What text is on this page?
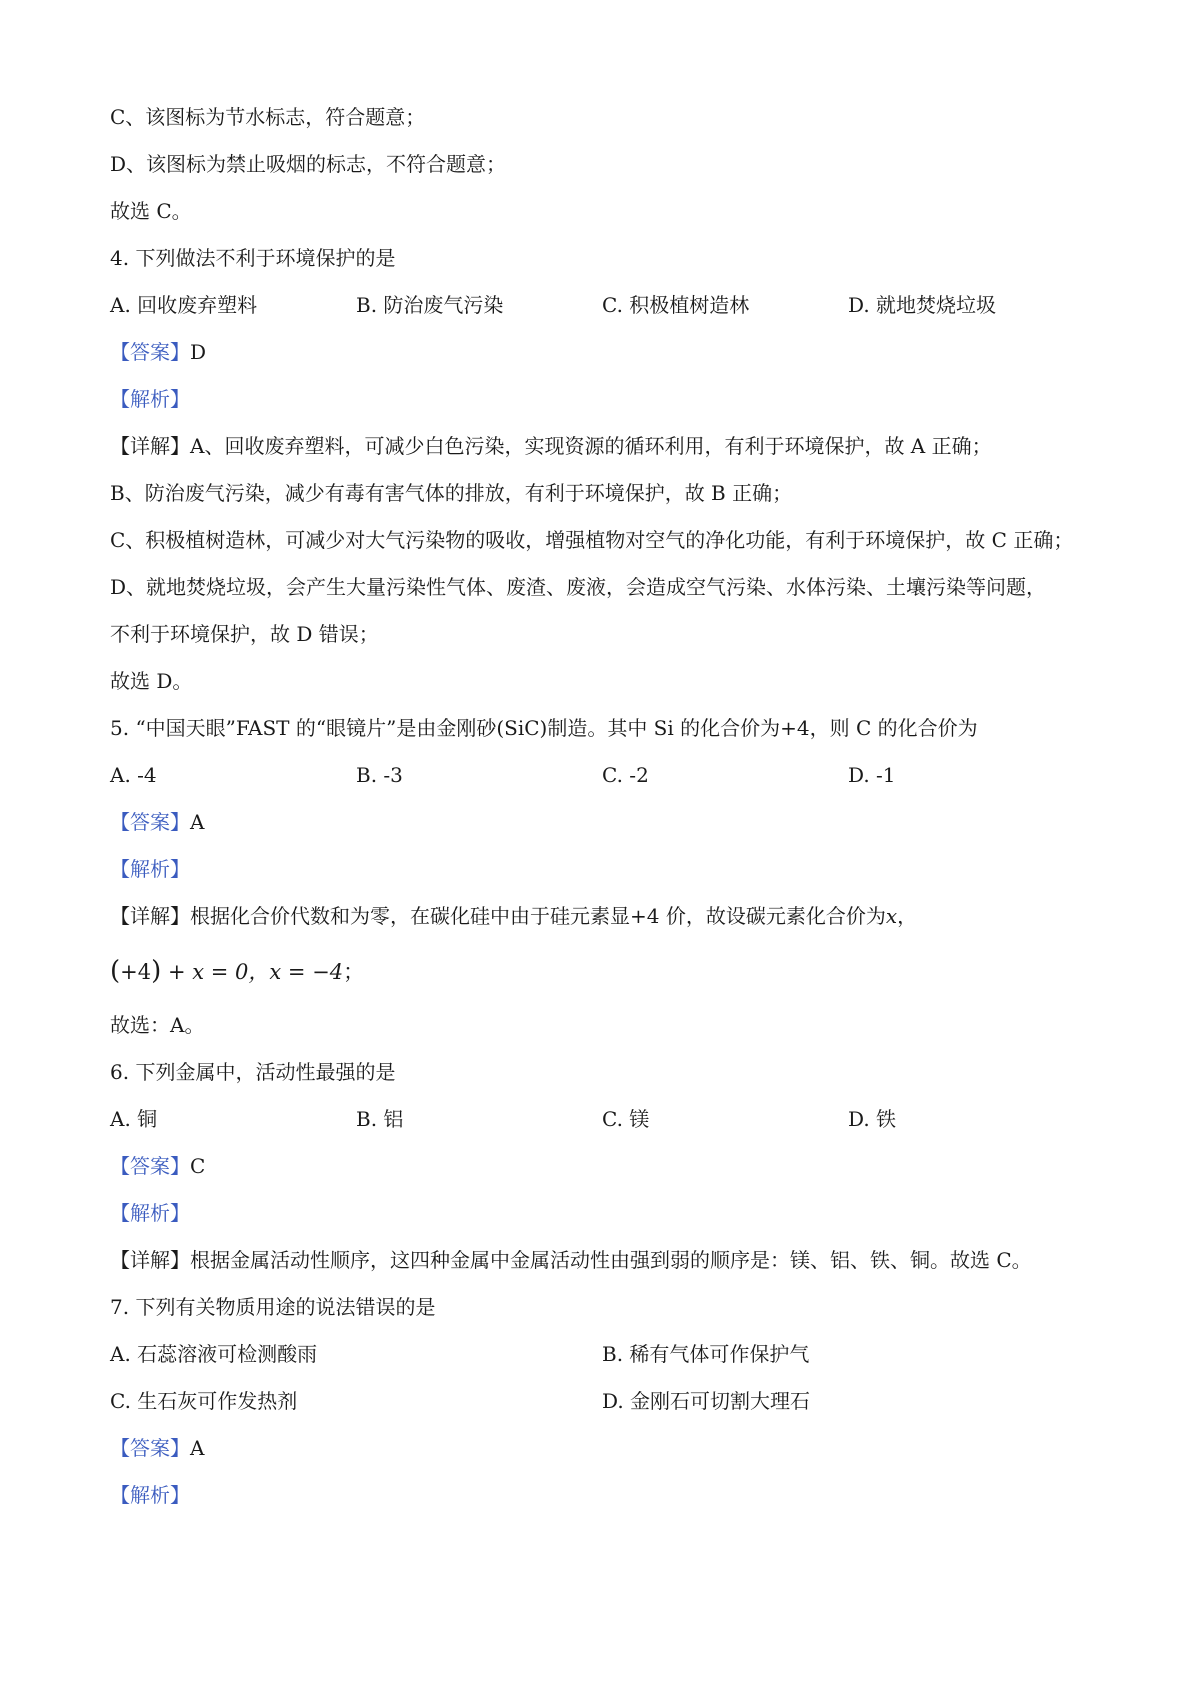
C、该图标为节水标志，符合题意；
D、该图标为禁止吸烟的标志，不符合题意；
故选 C。
4. 下列做法不利于环境保护的是
A. 回收废弃塑料	B. 防治废气污染	C. 积极植树造林	D. 就地焚烧垃圾
【答案】D
【解析】
【详解】A、回收废弃塑料，可减少白色污染，实现资源的循环利用，有利于环境保护，故 A 正确；
B、防治废气污染，减少有毒有害气体的排放，有利于环境保护，故 B 正确；
C、积极植树造林，可减少对大气污染物的吸收，增强植物对空气的净化功能，有利于环境保护，故 C 正确；
D、就地焚烧垃圾，会产生大量污染性气体、废渣、废液，会造成空气污染、水体污染、土壤污染等问题，
不利于环境保护，故 D 错误；
故选 D。
5. “中国天眼”FAST 的“眼镜片”是由金刚砂(SiC)制造。其中 Si 的化合价为+4，则 C 的化合价为
A. -4	B. -3	C. -2	D. -1
【答案】A
【解析】
【详解】根据化合价代数和为零，在碳化硅中由于硅元素显+4 价，故设碳元素化合价为x，
(+4) + x = 0，x = −4；
故选：A。
6. 下列金属中，活动性最强的是
A. 铜	B. 铝	C. 镁	D. 铁
【答案】C
【解析】
【详解】根据金属活动性顺序，这四种金属中金属活动性由强到弱的顺序是：镁、铝、铁、铜。故选 C。
7. 下列有关物质用途的说法错误的是
A. 石蕊溶液可检测酸雨	B. 稀有气体可作保护气
C. 生石灰可作发热剂	D. 金刚石可切割大理石
【答案】A
【解析】
